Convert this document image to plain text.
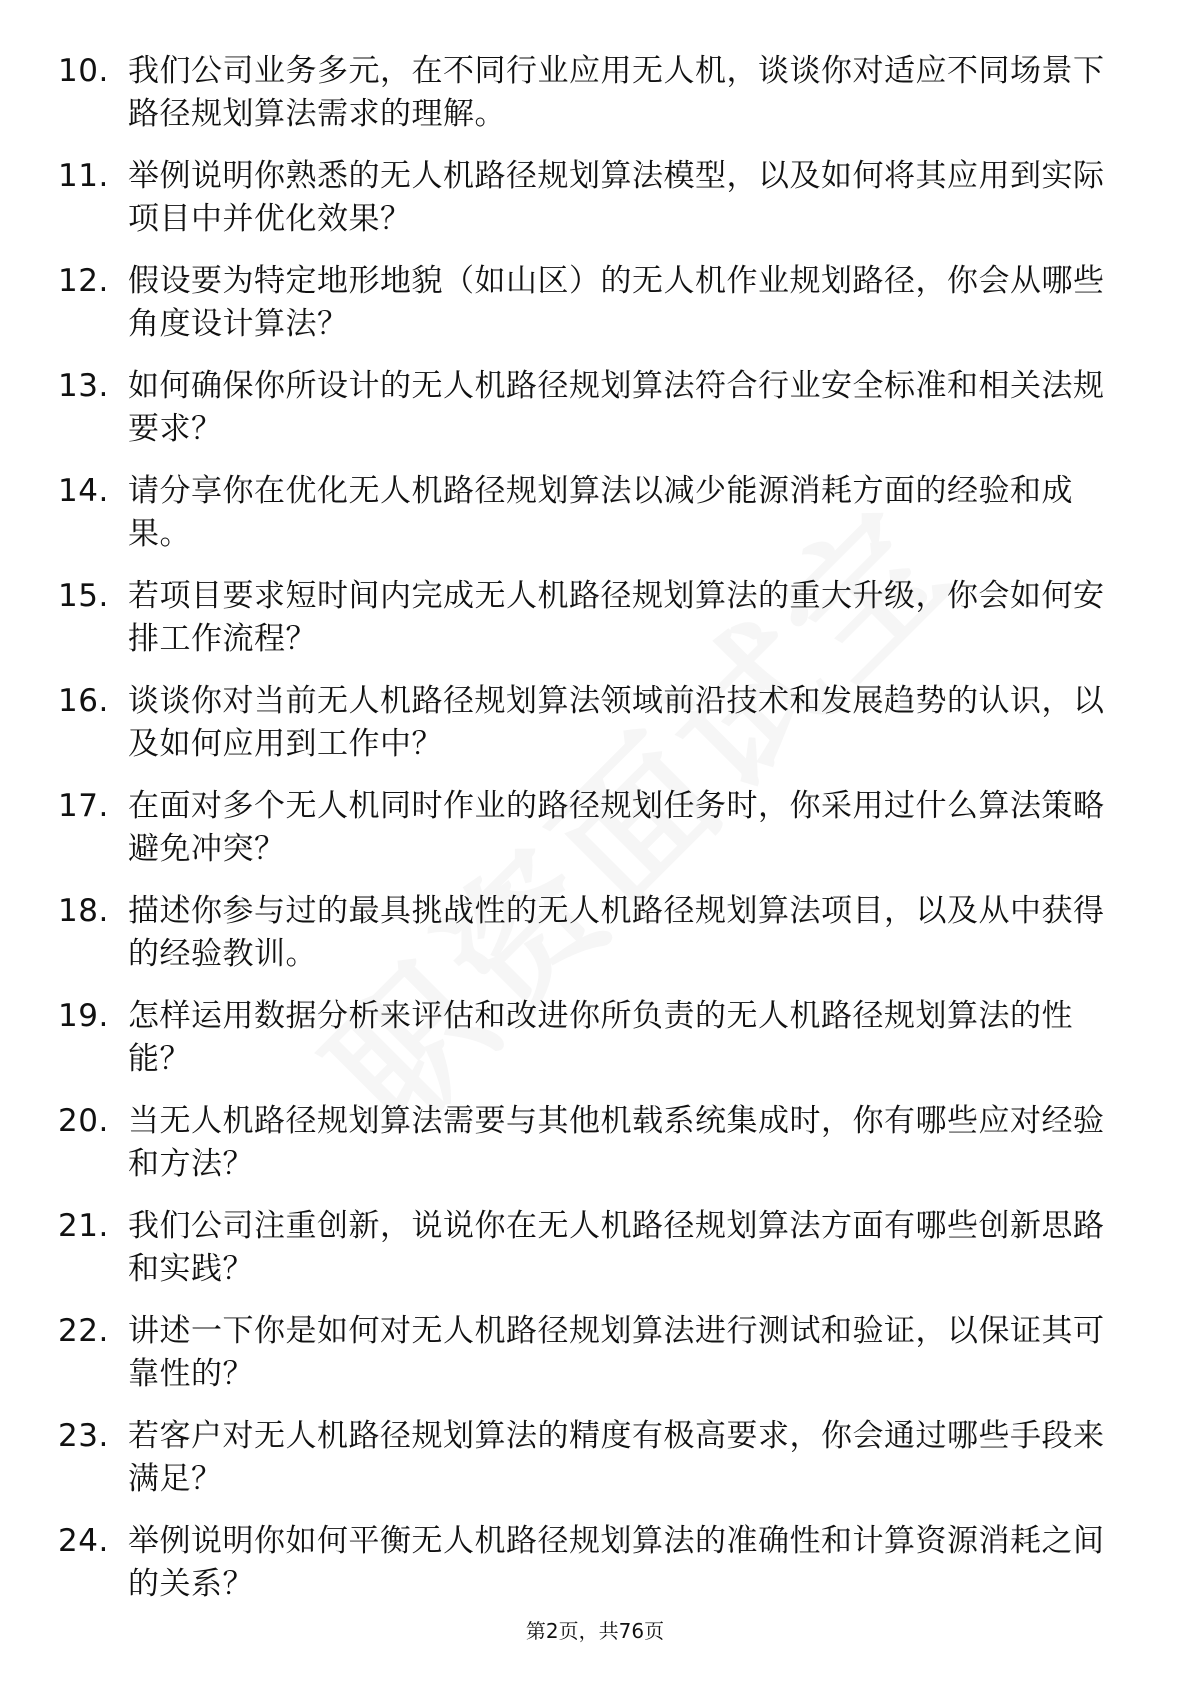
10. 我们公司业务多元，在不同行业应用无人机，谈谈你对适应不同场景下路径规划算法需求的理解。
11. 举例说明你熟悉的无人机路径规划算法模型，以及如何将其应用到实际项目中并优化效果？
12. 假设要为特定地形地貌（如山区）的无人机作业规划路径，你会从哪些角度设计算法？
13. 如何确保你所设计的无人机路径规划算法符合行业安全标准和相关法规要求？
14. 请分享你在优化无人机路径规划算法以减少能源消耗方面的经验和成果。
15. 若项目要求短时间内完成无人机路径规划算法的重大升级，你会如何安排工作流程？
16. 谈谈你对当前无人机路径规划算法领域前沿技术和发展趋势的认识，以及如何应用到工作中？
17. 在面对多个无人机同时作业的路径规划任务时，你采用过什么算法策略避免冲突？
18. 描述你参与过的最具挑战性的无人机路径规划算法项目，以及从中获得的经验教训。
19. 怎样运用数据分析来评估和改进你所负责的无人机路径规划算法的性能？
20. 当无人机路径规划算法需要与其他机载系统集成时，你有哪些应对经验和方法？
21. 我们公司注重创新，说说你在无人机路径规划算法方面有哪些创新思路和实践？
22. 讲述一下你是如何对无人机路径规划算法进行测试和验证，以保证其可靠性的？
23. 若客户对无人机路径规划算法的精度有极高要求，你会通过哪些手段来满足？
24. 举例说明你如何平衡无人机路径规划算法的准确性和计算资源消耗之间的关系？
第2页，共76页
